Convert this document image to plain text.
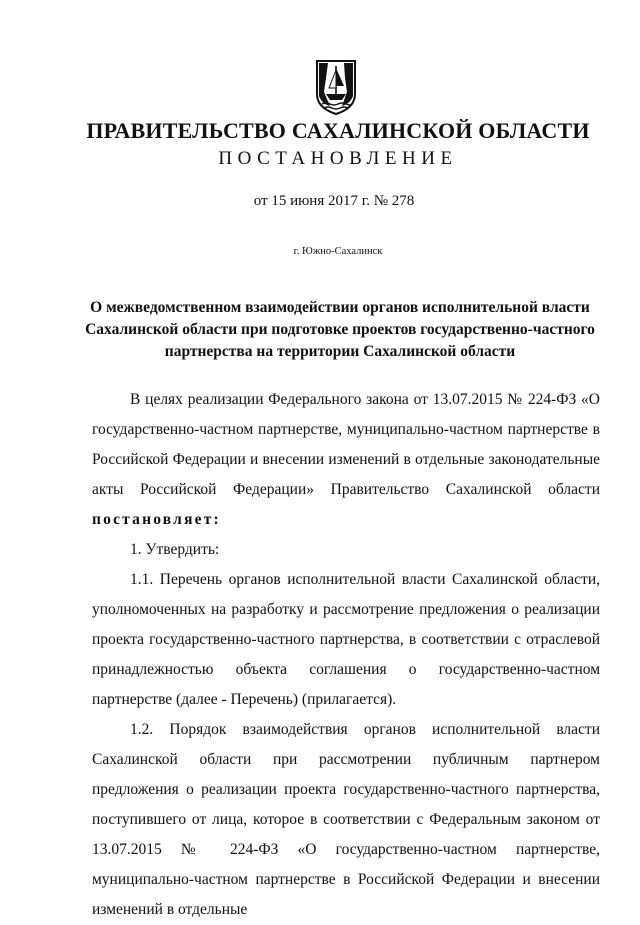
ПРАВИТЕЛЬСТВО САХАЛИНСКОЙ ОБЛАСТИ
ПОСТАНОВЛЕНИЕ
от 15 июня 2017 г. № 278
г. Южно-Сахалинск
О межведомственном взаимодействии органов исполнительной власти
Сахалинской области при подготовке проектов государственно-частного
партнерства на территории Сахалинской области

В целях реализации Федерального закона от 13.07.2015 № 224-ФЗ «О государственно-частном партнерстве, муниципально-частном партнерстве в Российской Федерации и внесении изменений в отдельные законодательные акты Российской Федерации» Правительство Сахалинской области постановляет:

1. Утвердить:

1.1. Перечень органов исполнительной власти Сахалинской области, уполномоченных на разработку и рассмотрение предложения о реализации проекта государственно-частного партнерства, в соответствии с отраслевой принадлежностью объекта соглашения о государственно-частном партнерстве (далее - Перечень) (прилагается).

1.2. Порядок взаимодействия органов исполнительной власти Сахалинской области при рассмотрении публичным партнером предложения о реализации проекта государственно-частного партнерства, поступившего от лица, которое в соответствии с Федеральным законом от 13.07.2015 № 224-ФЗ «О государственно-частном партнерстве, муниципально-частном партнерстве в Российской Федерации и внесении изменений в отдельные
